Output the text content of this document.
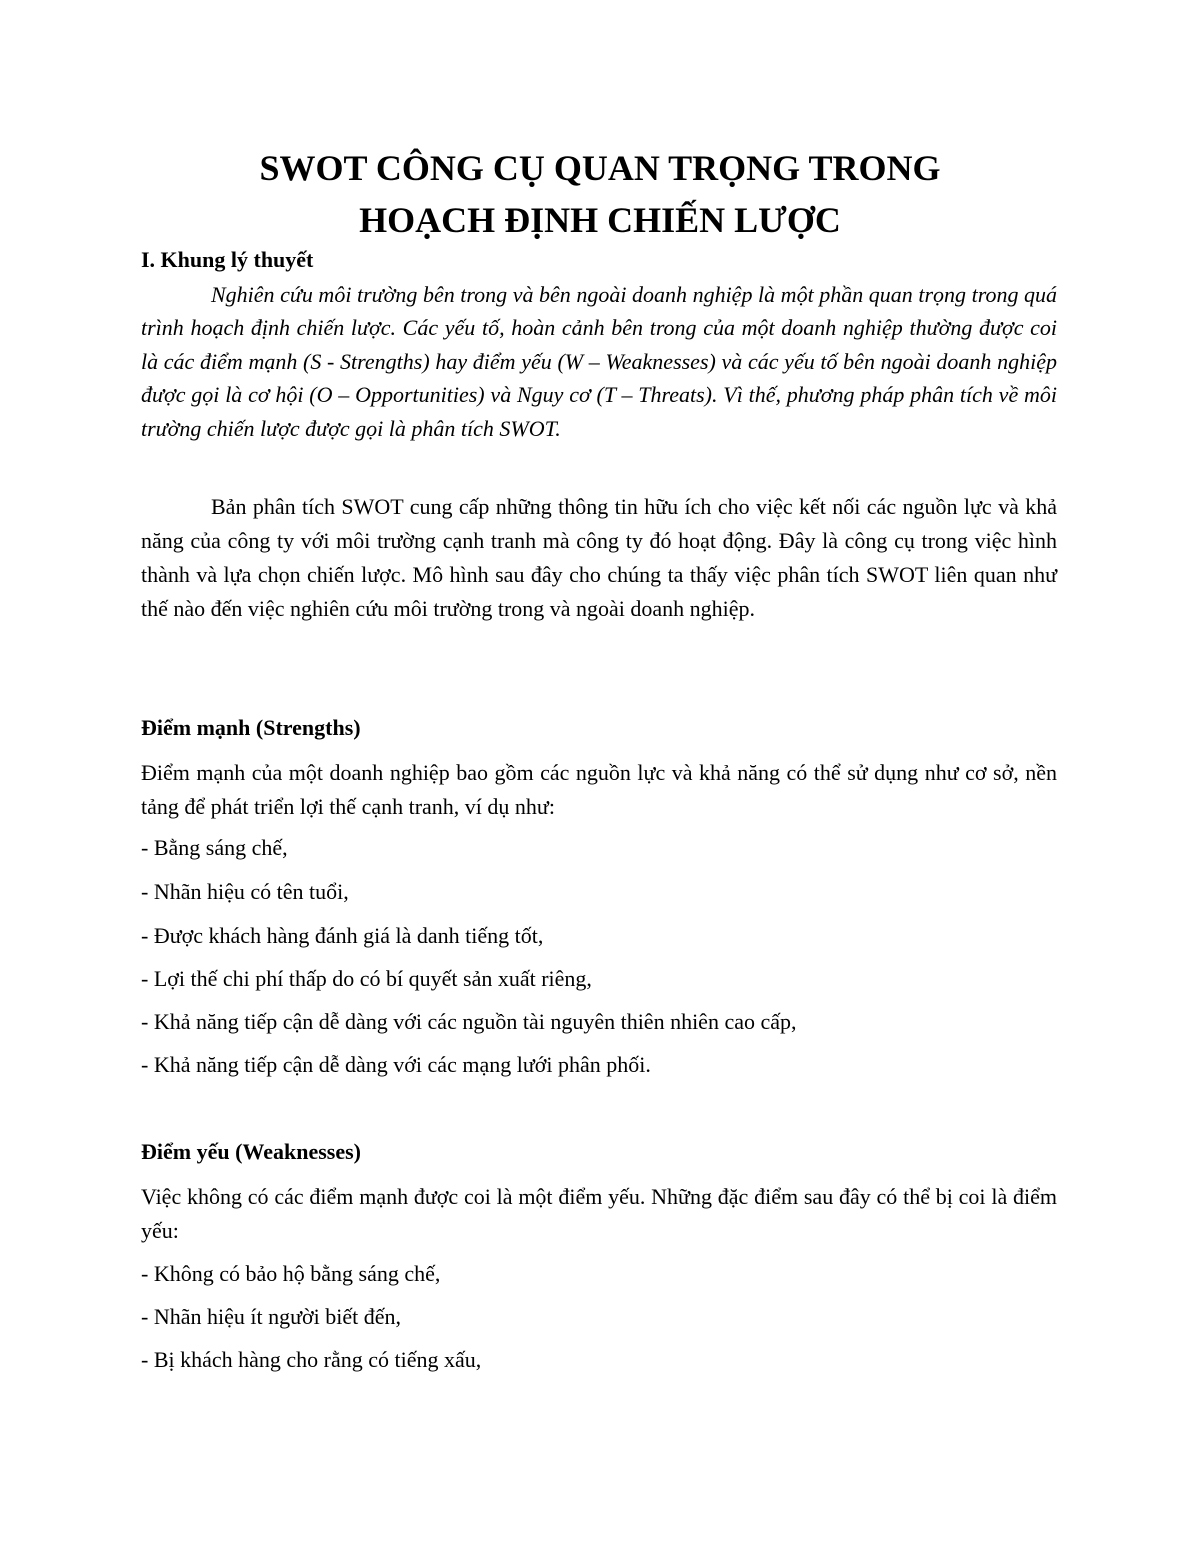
SWOT CÔNG CỤ QUAN TRỌNG TRONG
HOẠCH ĐỊNH CHIẾN LƯỢC
I. Khung lý thuyết
Nghiên cứu môi trường bên trong và bên ngoài doanh nghiệp là một phần quan trọng trong quá trình hoạch định chiến lược. Các yếu tố, hoàn cảnh bên trong của một doanh nghiệp thường được coi là các điểm mạnh (S - Strengths) hay điểm yếu (W – Weaknesses) và các yếu tố bên ngoài doanh nghiệp được gọi là cơ hội (O – Opportunities) và Nguy cơ (T – Threats). Vì thế, phương pháp phân tích về môi trường chiến lược được gọi là phân tích SWOT.
Bản phân tích SWOT cung cấp những thông tin hữu ích cho việc kết nối các nguồn lực và khả năng của công ty với môi trường cạnh tranh mà công ty đó hoạt động. Đây là công cụ trong việc hình thành và lựa chọn chiến lược. Mô hình sau đây cho chúng ta thấy việc phân tích SWOT liên quan như thế nào đến việc nghiên cứu môi trường trong và ngoài doanh nghiệp.
Điểm mạnh (Strengths)
Điểm mạnh của một doanh nghiệp bao gồm các nguồn lực và khả năng có thể sử dụng như cơ sở, nền tảng để phát triển lợi thế cạnh tranh, ví dụ như:
- Bằng sáng chế,
- Nhãn hiệu có tên tuổi,
- Được khách hàng đánh giá là danh tiếng tốt,
- Lợi thế chi phí thấp do có bí quyết sản xuất riêng,
- Khả năng tiếp cận dễ dàng với các nguồn tài nguyên thiên nhiên cao cấp,
- Khả năng tiếp cận dễ dàng với các mạng lưới phân phối.
Điểm yếu (Weaknesses)
Việc không có các điểm mạnh được coi là một điểm yếu. Những đặc điểm sau đây có thể bị coi là điểm yếu:
- Không có bảo hộ bằng sáng chế,
- Nhãn hiệu ít người biết đến,
- Bị khách hàng cho rằng có tiếng xấu,
